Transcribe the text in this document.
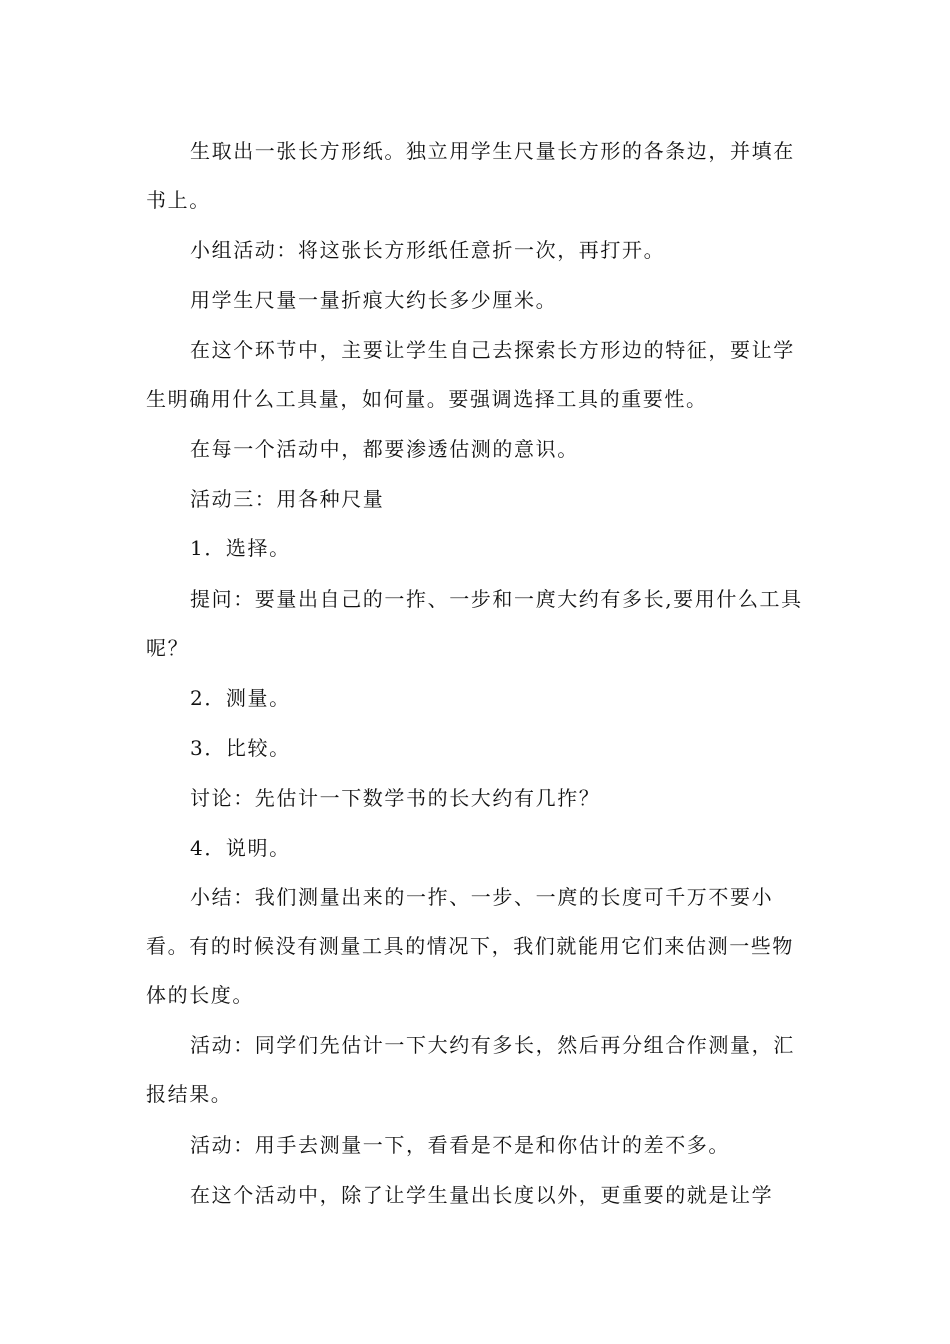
生取出一张长方形纸。独立用学生尺量长方形的各条边，并填在书上。

小组活动：将这张长方形纸任意折一次，再打开。

用学生尺量一量折痕大约长多少厘米。

在这个环节中，主要让学生自己去探索长方形边的特征，要让学生明确用什么工具量，如何量。要强调选择工具的重要性。

在每一个活动中，都要渗透估测的意识。

活动三：用各种尺量

1．选择。

提问：要量出自己的一拃、一步和一庹大约有多长,要用什么工具呢？

2．测量。

3．比较。

讨论：先估计一下数学书的长大约有几拃？

4．说明。

小结：我们测量出来的一拃、一步、一庹的长度可千万不要小看。有的时候没有测量工具的情况下，我们就能用它们来估测一些物体的长度。

活动：同学们先估计一下大约有多长，然后再分组合作测量，汇报结果。

活动：用手去测量一下，看看是不是和你估计的差不多。

在这个活动中，除了让学生量出长度以外，更重要的就是让学
